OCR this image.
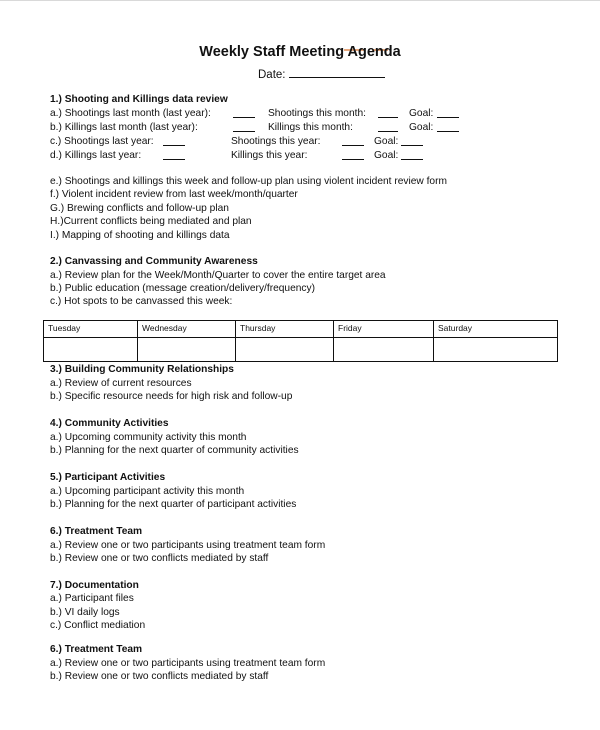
Weekly Staff Meeting Agenda
Date:
1.) Shooting and Killings data review
a.) Shootings last month (last year):	Shootings this month:	Goal:
b.) Killings last month (last year):	Killings this month:	Goal:
c.) Shootings last year:	Shootings this year:	Goal:
d.) Killings last year:	Killings this year:	Goal:
e.) Shootings and killings this week and follow-up plan using violent incident review form
f.) Violent incident review from last week/month/quarter
G.) Brewing conflicts and follow-up plan
H.)Current conflicts being mediated and plan
I.) Mapping of shooting and killings data
2.) Canvassing and Community Awareness
a.) Review plan for the Week/Month/Quarter to cover the entire target area
b.) Public education (message creation/delivery/frequency)
c.) Hot spots to be canvassed this week:
Tuesday	Wednesday	Thursday	Friday	Saturday

3.) Building Community Relationships
a.) Review of current resources
b.) Specific resource needs for high risk and follow-up
4.) Community Activities
a.) Upcoming community activity this month
b.) Planning for the next quarter of community activities
5.) Participant Activities
a.) Upcoming participant activity this month
b.) Planning for the next quarter of participant activities
6.) Treatment Team
a.) Review one or two participants using treatment team form
b.) Review one or two conflicts mediated by staff
7.) Documentation
a.) Participant files
b.) VI daily logs
c.) Conflict mediation
6.) Treatment Team
a.) Review one or two participants using treatment team form
b.) Review one or two conflicts mediated by staff
